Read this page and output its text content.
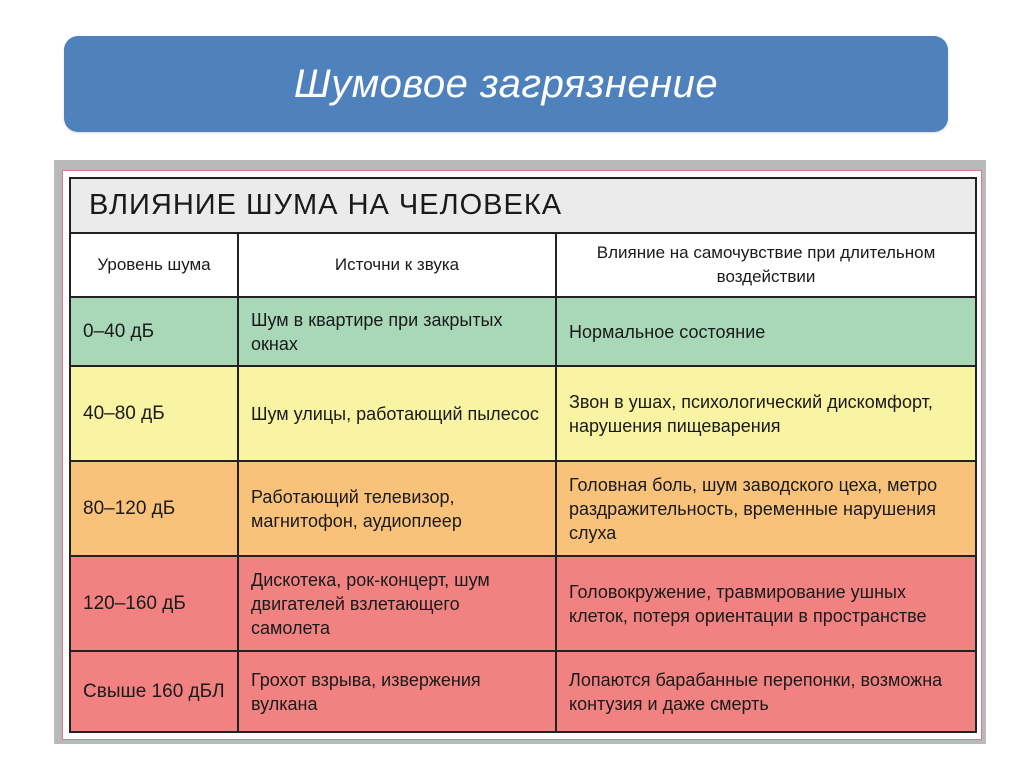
Шумовое загрязнение
ВЛИЯНИЕ ШУМА НА ЧЕЛОВЕКА		
Уровень шума	Источни к звука	Влияние на самочувствие при длительном воздействии
0–40 дБ	Шум в квартире при закрытых окнах	Нормальное состояние
40–80 дБ	Шум улицы, работающий пылесос	Звон в ушах, психологический дискомфорт, нарушения пищеварения
80–120 дБ	Работающий телевизор, магнитофон, аудиоплеер	Головная боль, шум заводского цеха, метро раздражительность, временные нарушения слуха
120–160 дБ	Дискотека, рок-концерт, шум двигателей взлетающего самолета	Головокружение, травмирование ушных клеток, потеря ориентации в пространстве
Свыше 160 дБЛ	Грохот взрыва, извержения вулкана	Лопаются барабанные перепонки, возможна контузия и даже смерть
